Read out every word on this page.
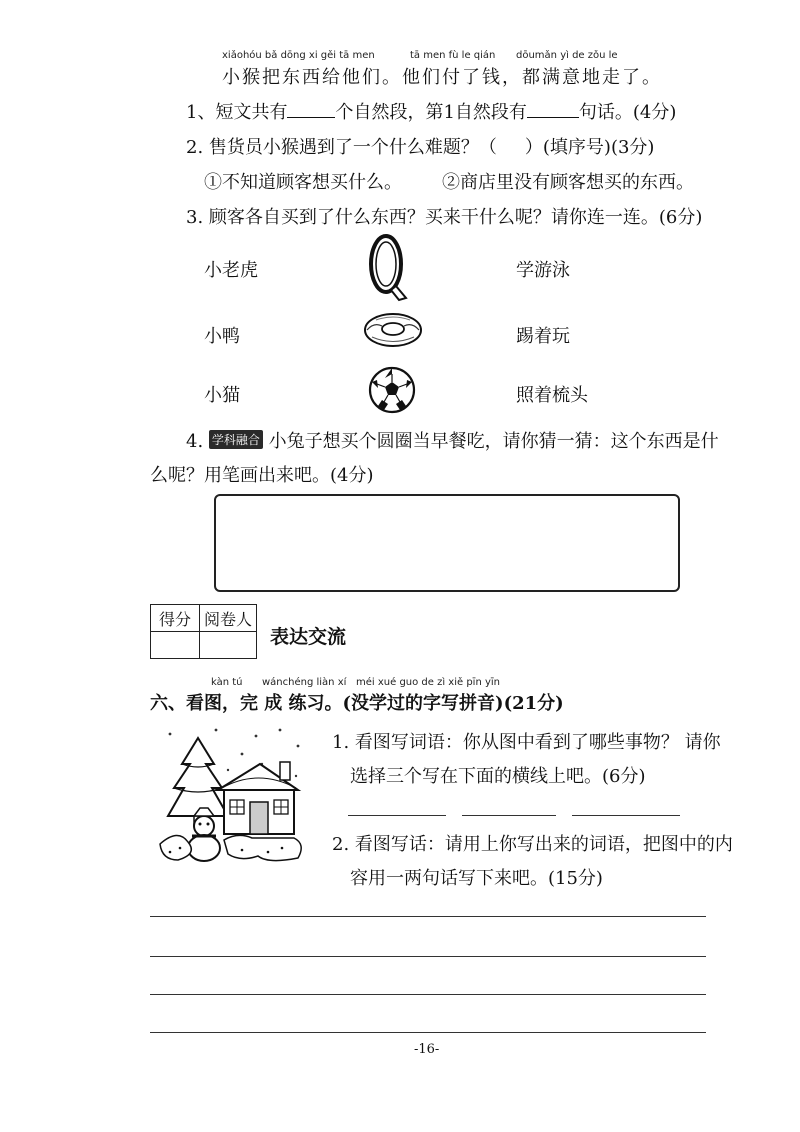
xiǎohóu bǎ dōng xi gěi tā men	tā men fù le qián dōumǎn yì de zǒu le
小猴把东西给他们。他们付了钱，都满意地走了。
1、短文共有	个自然段，第1自然段有	句话。(4分)
2. 售货员小猴遇到了一个什么难题？（ ）(填序号)(3分)
①不知道顾客想买什么。 ②商店里没有顾客想买的东西。
3. 顾客各自买到了什么东西？买来干什么呢？请你连一连。(6分)
小老虎
小鸭
小猫
学游泳
踢着玩
照着梳头
4. 学科融合 小兔子想买个圆圈当早餐吃，请你猜一猜：这个东西是什
么呢？用笔画出来吧。(4分)
得分	阅卷人

表达交流
kàn tú wánchéng liàn xí méi xué guo de zì xiě pīn yīn
六、看图，完 成 练习。(没学过的字写拼音)(21分)
1. 看图写词语：你从图中看到了哪些事物？ 请你
选择三个写在下面的横线上吧。(6分)
2. 看图写话：请用上你写出来的词语，把图中的内
容用一两句话写下来吧。(15分)
-16-
